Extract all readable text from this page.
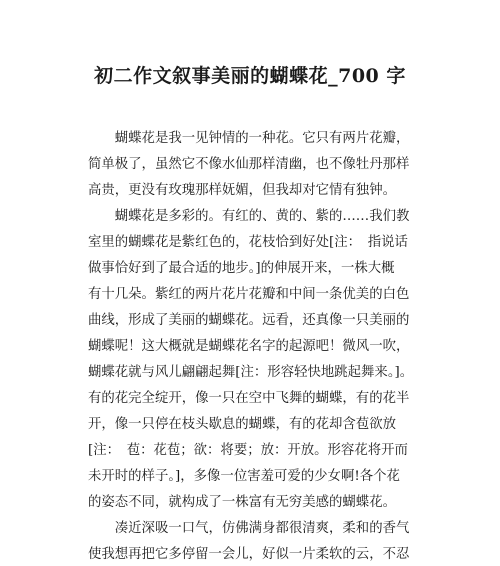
初二作文叙事美丽的蝴蝶花_700 字
　　蝴蝶花是我一见钟情的一种花。它只有两片花瓣，
简单极了，虽然它不像水仙那样清幽，也不像牡丹那样
高贵，更没有玫瑰那样妩媚，但我却对它情有独钟。
　　蝴蝶花是多彩的。有红的、黄的、紫的……我们教
室里的蝴蝶花是紫红色的，花枝恰到好处[注：　指说话
做事恰好到了最合适的地步。]的伸展开来，一株大概
有十几朵。紫红的两片花片花瓣和中间一条优美的白色
曲线，形成了美丽的蝴蝶花。远看，还真像一只美丽的
蝴蝶呢！这大概就是蝴蝶花名字的起源吧！微风一吹，
蝴蝶花就与风儿翩翩起舞[注：形容轻快地跳起舞来。]。
有的花完全绽开，像一只在空中飞舞的蝴蝶，有的花半
开，像一只停在枝头歇息的蝴蝶，有的花却含苞欲放
[注：　苞：花苞；欲：将要；放：开放。形容花将开而
未开时的样子。]，多像一位害羞可爱的少女啊!各个花
的姿态不同，就构成了一株富有无穷美感的蝴蝶花。
　　凑近深吸一口气，仿佛满身都很清爽，柔和的香气
使我想再把它多停留一会儿，好似一片柔软的云，不忍
